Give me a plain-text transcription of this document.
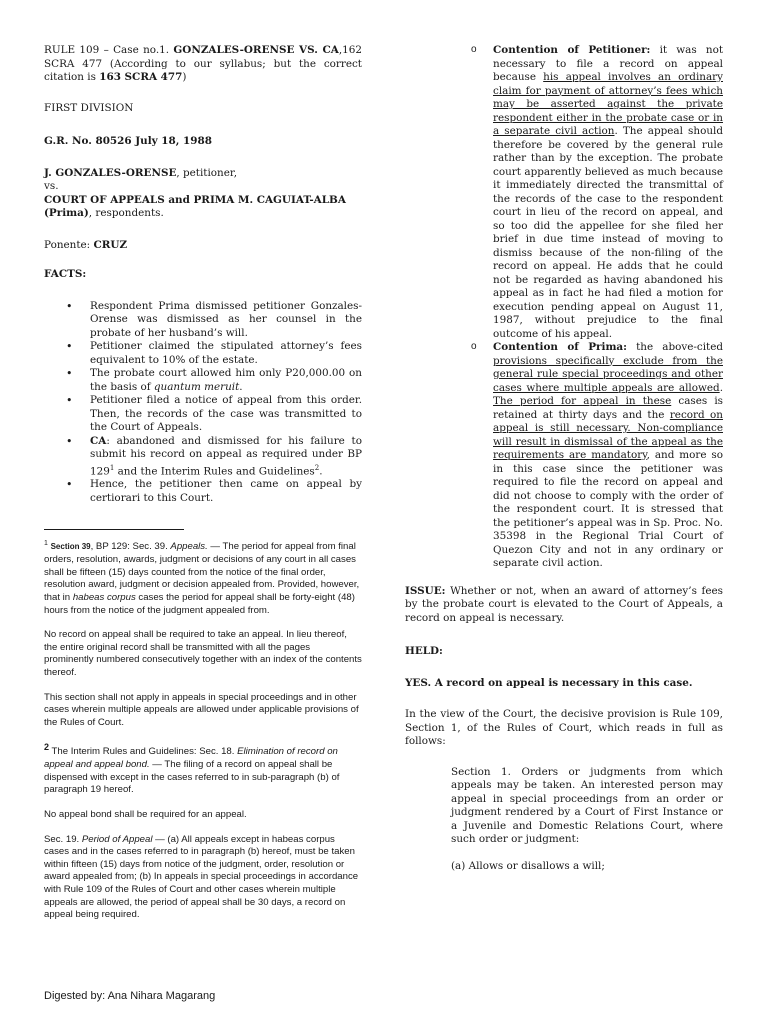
RULE 109 – Case no.1. GONZALES-ORENSE VS. CA,162 SCRA 477 (According to our syllabus; but the correct citation is 163 SCRA 477)

FIRST DIVISION

G.R. No. 80526 July 18, 1988

J. GONZALES-ORENSE, petitioner,
vs.
COURT OF APPEALS and PRIMA M. CAGUIAT-ALBA (Prima), respondents.

Ponente: CRUZ

FACTS:

• Respondent Prima dismissed petitioner Gonzales-Orense was dismissed as her counsel in the probate of her husband’s will.
• Petitioner claimed the stipulated attorney’s fees equivalent to 10% of the estate.
• The probate court allowed him only P20,000.00 on the basis of quantum meruit.
• Petitioner filed a notice of appeal from this order. Then, the records of the case was transmitted to the Court of Appeals.
• CA: abandoned and dismissed for his failure to submit his record on appeal as required under BP $129^1$ and the Interim Rules and Guidelines$^2$.
• Hence, the petitioner then came on appeal by certiorari to this Court.

$^1$ Section 39, BP 129: Sec. 39. Appeals. — The period for appeal from final orders, resolution, awards, judgment or decisions of any court in all cases shall be fifteen (15) days counted from the notice of the final order, resolution award, judgment or decision appealed from. Provided, however, that in habeas corpus cases the period for appeal shall be forty-eight (48) hours from the notice of the judgment appealed from.

No record on appeal shall be required to take an appeal. In lieu thereof, the entire original record shall be transmitted with all the pages prominently numbered consecutively together with an index of the contents thereof.

This section shall not apply in appeals in special proceedings and in other cases wherein multiple appeals are allowed under applicable provisions of the Rules of Court.

$^2$ The Interim Rules and Guidelines: Sec. 18. Elimination of record on appeal and appeal bond. — The filing of a record on appeal shall be dispensed with except in the cases referred to in sub-paragraph (b) of paragraph 19 hereof.

No appeal bond shall be required for an appeal.

Sec. 19. Period of Appeal — (a) All appeals except in habeas corpus cases and in the cases referred to in paragraph (b) hereof, must be taken within fifteen (15) days from notice of the judgment, order, resolution or award appealed from; (b) In appeals in special proceedings in accordance with Rule 109 of the Rules of Court and other cases wherein multiple appeals are allowed, the period of appeal shall be 30 days, a record on appeal being required.

o Contention of Petitioner: it was not necessary to file a record on appeal because his appeal involves an ordinary claim for payment of attorney’s fees which may be asserted against the private respondent either in the probate case or in a separate civil action. The appeal should therefore be covered by the general rule rather than by the exception. The probate court apparently believed as much because it immediately directed the transmittal of the records of the case to the respondent court in lieu of the record on appeal, and so too did the appellee for she filed her brief in due time instead of moving to dismiss because of the non-filing of the record on appeal. He adds that he could not be regarded as having abandoned his appeal as in fact he had filed a motion for execution pending appeal on August 11, 1987, without prejudice to the final outcome of his appeal.

o Contention of Prima: the above-cited provisions specifically exclude from the general rule special proceedings and other cases where multiple appeals are allowed. The period for appeal in these cases is retained at thirty days and the record on appeal is still necessary. Non-compliance will result in dismissal of the appeal as the requirements are mandatory, and more so in this case since the petitioner was required to file the record on appeal and did not choose to comply with the order of the respondent court. It is stressed that the petitioner’s appeal was in Sp. Proc. No. 35398 in the Regional Trial Court of Quezon City and not in any ordinary or separate civil action.

ISSUE: Whether or not, when an award of attorney’s fees by the probate court is elevated to the Court of Appeals, a record on appeal is necessary.

HELD:

YES. A record on appeal is necessary in this case.

In the view of the Court, the decisive provision is Rule 109, Section 1, of the Rules of Court, which reads in full as follows:

Section 1. Orders or judgments from which appeals may be taken. An interested person may appeal in special proceedings from an order or judgment rendered by a Court of First Instance or a Juvenile and Domestic Relations Court, where such order or judgment:

(a) Allows or disallows a will;

Digested by: Ana Nihara Magarang
